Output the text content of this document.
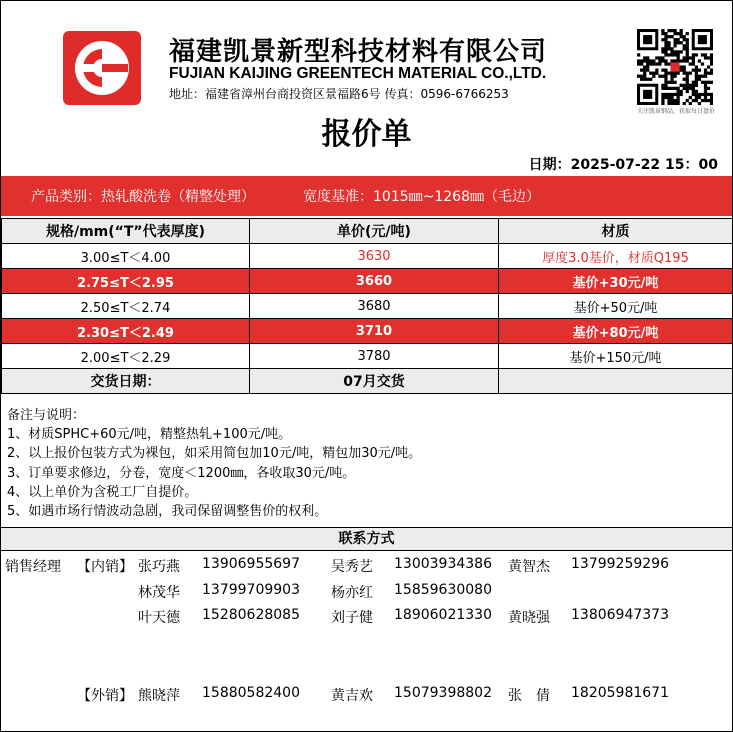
福建凯景新型科技材料有限公司
FUJIAN KAIJING GREENTECH MATERIAL CO.,LTD.
地址：福建省漳州台商投资区景福路6号 传真：0596-6766253
关注凯景钢品，获取每日盘价
报价单
日期：2025-07-22 15：00
产品类别：热轧酸洗卷（精整处理）	宽度基准：1015㎜~1268㎜（毛边）
规格/mm(“T”代表厚度)	单价(元/吨)	材质
3.00≤T＜4.00	3630	厚度3.0基价，材质Q195
2.75≤T＜2.95	3660	基价+30元/吨
2.50≤T＜2.74	3680	基价+50元/吨
2.30≤T＜2.49	3710	基价+80元/吨
2.00≤T＜2.29	3780	基价+150元/吨
交货日期：	07月交货	
备注与说明：
1、材质SPHC+60元/吨，精整热轧+100元/吨。
2、以上报价包装方式为裸包，如采用简包加10元/吨，精包加30元/吨。
3、订单要求修边，分卷，宽度＜1200㎜，各收取30元/吨。
4、以上单价为含税工厂自提价。
5、如遇市场行情波动急剧，我司保留调整售价的权利。
联系方式
销售经理 【内销】 张巧燕 13906955697 吴秀艺 13003934386 黄智杰 13799259296
林茂华 13799709903 杨亦红 15859630080
叶天德 15280628085 刘子健 18906021330 黄晓强 13806947373
【外销】 熊晓萍 15880582400 黄吉欢 15079398802 张　倩 18205981671
